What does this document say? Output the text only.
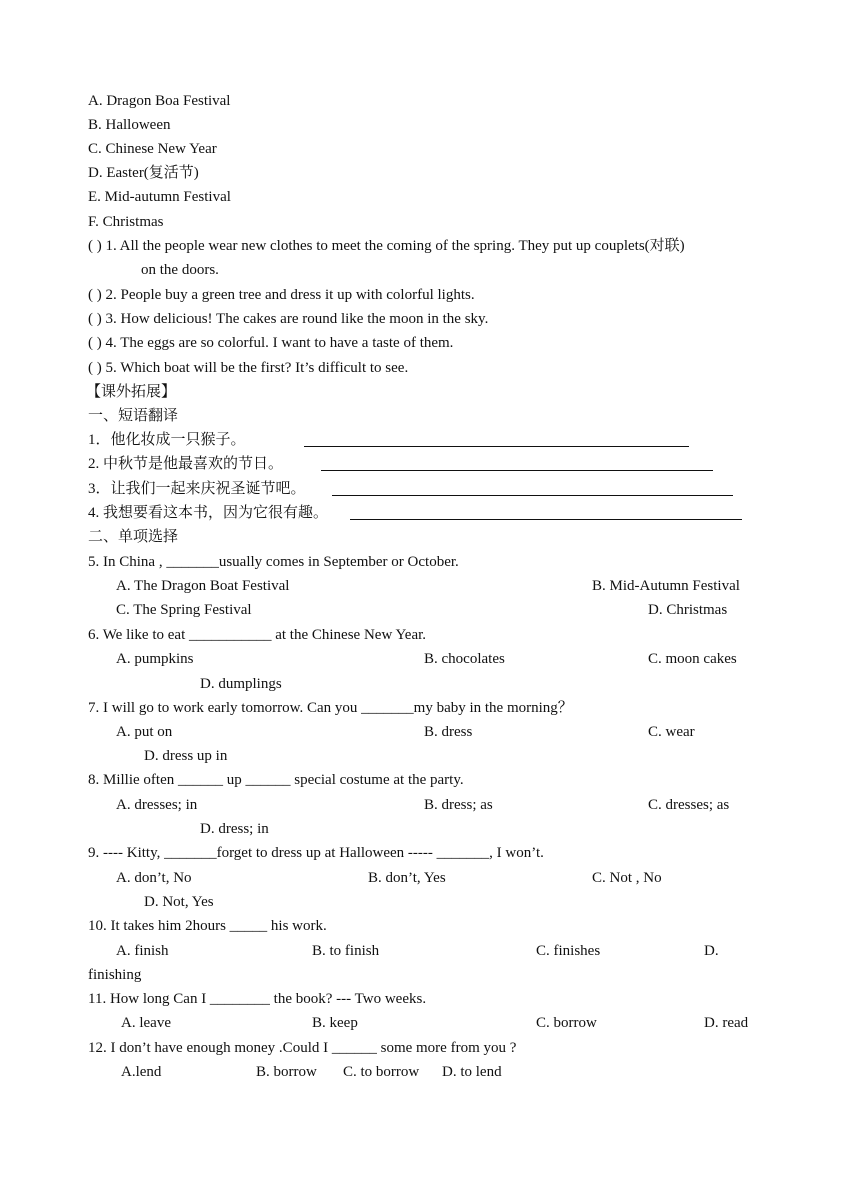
A. Dragon Boa Festival
B. Halloween
C. Chinese New Year
D. Easter(复活节)
E. Mid-autumn Festival
F. Christmas
( ) 1. All the people wear new clothes to meet the coming of the spring. They put up couplets(对联)
on the doors.
( ) 2. People buy a green tree and dress it up with colorful lights.
( ) 3. How delicious! The cakes are round like the moon in the sky.
( ) 4. The eggs are so colorful. I want to have a taste of them.
( ) 5. Which boat will be the first? It’s difficult to see.
【课外拓展】
一、短语翻译
1．他化妆成一只猴子。
2. 中秋节是他最喜欢的节日。
3．让我们一起来庆祝圣诞节吧。
4. 我想要看这本书，因为它很有趣。
二、单项选择
5. In China , _______usually comes in September or October.
A. The Dragon Boat Festival	B. Mid-Autumn Festival
C. The Spring Festival	D. Christmas
6. We like to eat ___________ at the Chinese New Year.
A. pumpkins	B. chocolates	C. moon cakes
D. dumplings
7. I will go to work early tomorrow. Can you _______my baby in the morning？
A. put on	B. dress	C. wear
D. dress up in
8. Millie often ______ up ______ special costume at the party.
A. dresses; in	B. dress; as	C. dresses; as
D. dress; in
9. ---- Kitty, _______forget to dress up at Halloween ----- _______, I won’t.
A. don’t, No	B. don’t, Yes	C. Not , No
D. Not, Yes
10. It takes him 2hours _____ his work.
A. finish	B. to finish	C. finishes	D.
finishing
11. How long Can I ________ the book? --- Two weeks.
A. leave	B. keep	C. borrow	D. read
12. I don’t have enough money .Could I ______ some more from you ?
A.lend	B. borrow C. to borrow D. to lend
